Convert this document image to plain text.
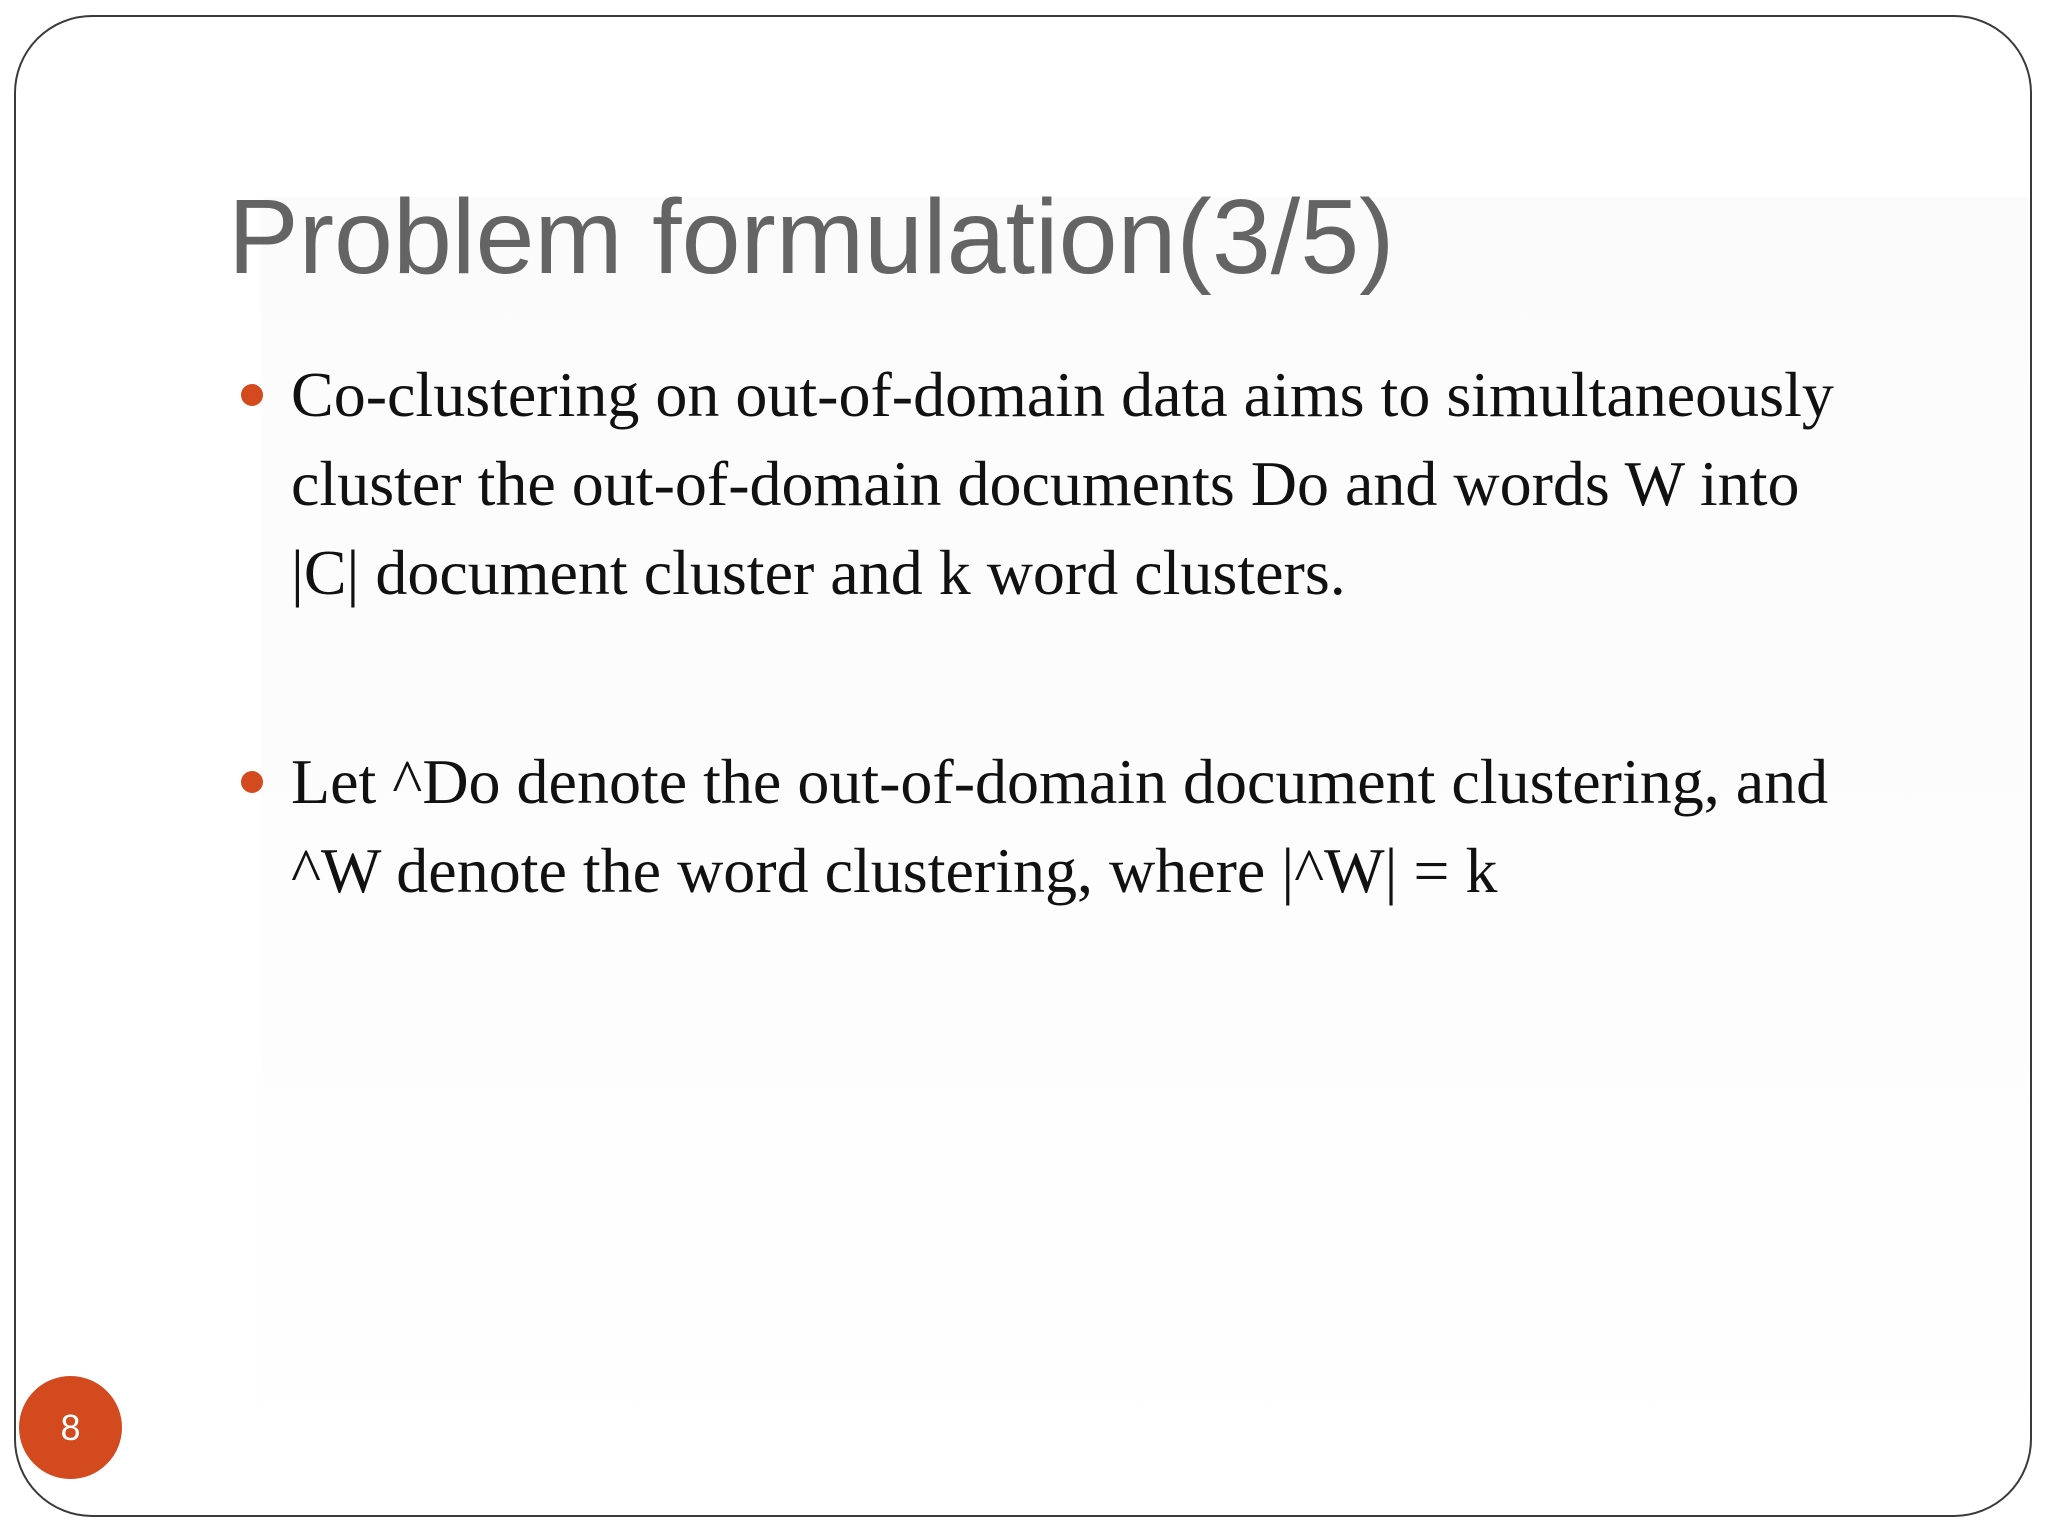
Problem formulation(3/5)
Co-clustering on out-of-domain data aims to simultaneously
cluster the out-of-domain documents Do and words W into
|C| document cluster and k word clusters.
Let ^Do denote the out-of-domain document clustering, and
^W denote the word clustering, where |^W| = k
8
